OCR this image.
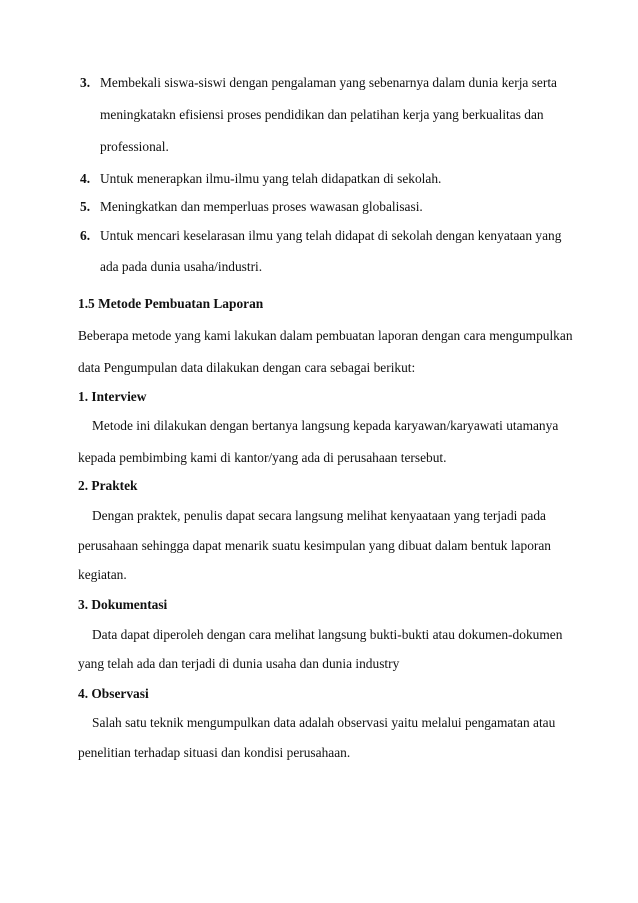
3. Membekali siswa-siswi dengan pengalaman yang sebenarnya dalam dunia kerja serta
meningkatakn efisiensi proses pendidikan dan pelatihan kerja yang berkualitas dan
professional.
4. Untuk menerapkan ilmu-ilmu yang telah didapatkan di sekolah.
5. Meningkatkan dan memperluas proses wawasan globalisasi.
6. Untuk mencari keselarasan ilmu yang telah didapat di sekolah dengan kenyataan yang
ada pada dunia usaha/industri.
1.5 Metode Pembuatan Laporan
Beberapa metode yang kami lakukan dalam pembuatan laporan dengan cara mengumpulkan
data Pengumpulan data dilakukan dengan cara sebagai berikut:
1. Interview
Metode ini dilakukan dengan bertanya langsung kepada karyawan/karyawati utamanya
kepada pembimbing kami di kantor/yang ada di perusahaan tersebut.
2. Praktek
Dengan praktek, penulis dapat secara langsung melihat kenyaataan yang terjadi pada
perusahaan sehingga dapat menarik suatu kesimpulan yang dibuat dalam bentuk laporan
kegiatan.
3. Dokumentasi
Data dapat diperoleh dengan cara melihat langsung bukti-bukti atau dokumen-dokumen
yang telah ada dan terjadi di dunia usaha dan dunia industry
4. Observasi
Salah satu teknik mengumpulkan data adalah observasi yaitu melalui pengamatan atau
penelitian terhadap situasi dan kondisi perusahaan.
